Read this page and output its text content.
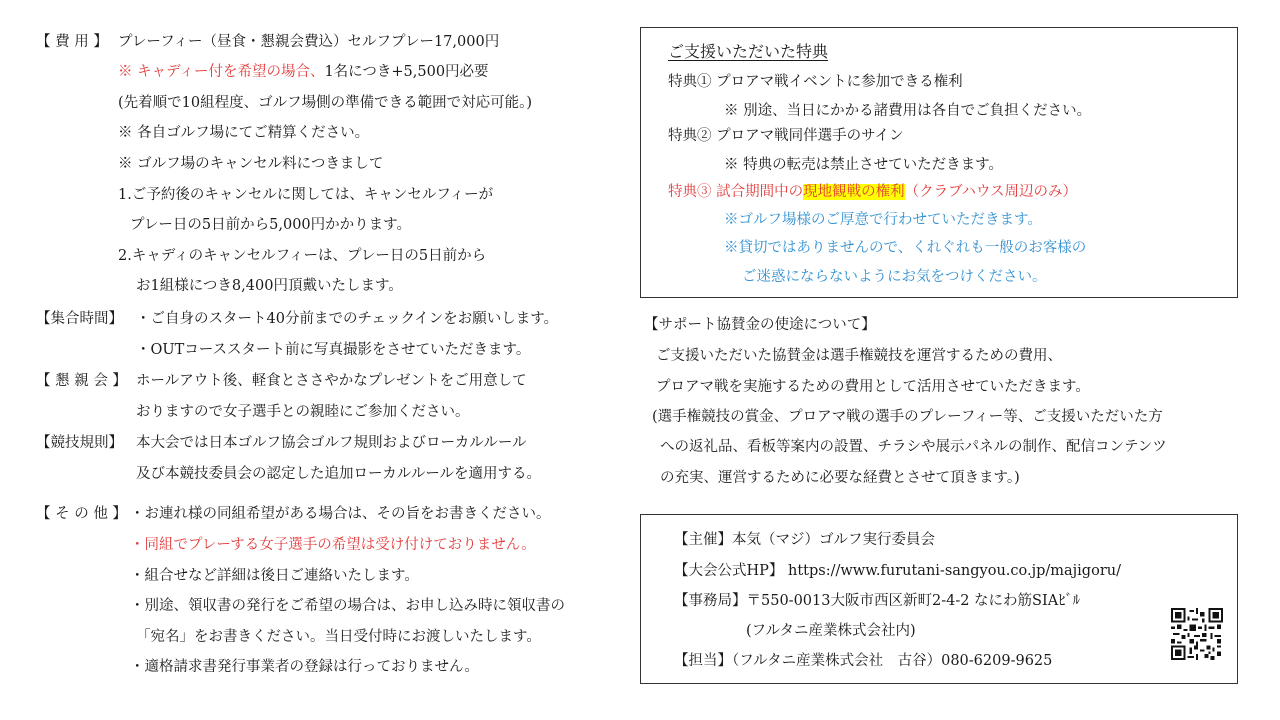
【 費 用 】 プレーフィー（昼食・懇親会費込）セルフプレー17,000円
※ キャディー付を希望の場合、1名につき+5,500円必要
(先着順で10組程度、ゴルフ場側の準備できる範囲で対応可能。)
※ 各自ゴルフ場にてご精算ください。
※ ゴルフ場のキャンセル料につきまして
1.ご予約後のキャンセルに関しては、キャンセルフィーが
プレー日の5日前から5,000円かかります。
2.キャディのキャンセルフィーは、プレー日の5日前から
お1組様につき8,400円頂戴いたします。
【集合時間】 ・ご自身のスタート40分前までのチェックインをお願いします。
・OUTコーススタート前に写真撮影をさせていただきます。
【 懇 親 会 】 ホールアウト後、軽食とささやかなプレゼントをご用意して
おりますので女子選手との親睦にご参加ください。
【競技規則】 本大会では日本ゴルフ協会ゴルフ規則およびローカルルール
及び本競技委員会の認定した追加ローカルルールを適用する。
【 そ の 他 】 ・お連れ様の同組希望がある場合は、その旨をお書きください。
・同組でプレーする女子選手の希望は受け付けておりません。
・組合せなど詳細は後日ご連絡いたします。
・別途、領収書の発行をご希望の場合は、お申し込み時に領収書の
「宛名」をお書きください。当日受付時にお渡しいたします。
・適格請求書発行事業者の登録は行っておりません。
ご支援いただいた特典
特典① プロアマ戦イベントに参加できる権利
※ 別途、当日にかかる諸費用は各自でご負担ください。
特典② プロアマ戦同伴選手のサイン
※ 特典の転売は禁止させていただきます。
特典③ 試合期間中の現地観戦の権利（クラブハウス周辺のみ）
※ゴルフ場様のご厚意で行わせていただきます。
※貸切ではありませんので、くれぐれも一般のお客様の
ご迷惑にならないようにお気をつけください。
【サポート協賛金の使途について】
ご支援いただいた協賛金は選手権競技を運営するための費用、
プロアマ戦を実施するための費用として活用させていただきます。
(選手権競技の賞金、プロアマ戦の選手のプレーフィー等、ご支援いただいた方
への返礼品、看板等案内の設置、チラシや展示パネルの制作、配信コンテンツ
の充実、運営するために必要な経費とさせて頂きます。)
【主催】本気（マジ）ゴルフ実行委員会
【大会公式HP】 https://www.furutani-sangyou.co.jp/majigoru/
【事務局】〒550-0013大阪市西区新町2-4-2 なにわ筋SIAﾋﾞﾙ
(フルタニ産業株式会社内)
【担当】（フルタニ産業株式会社　古谷）080-6209-9625
